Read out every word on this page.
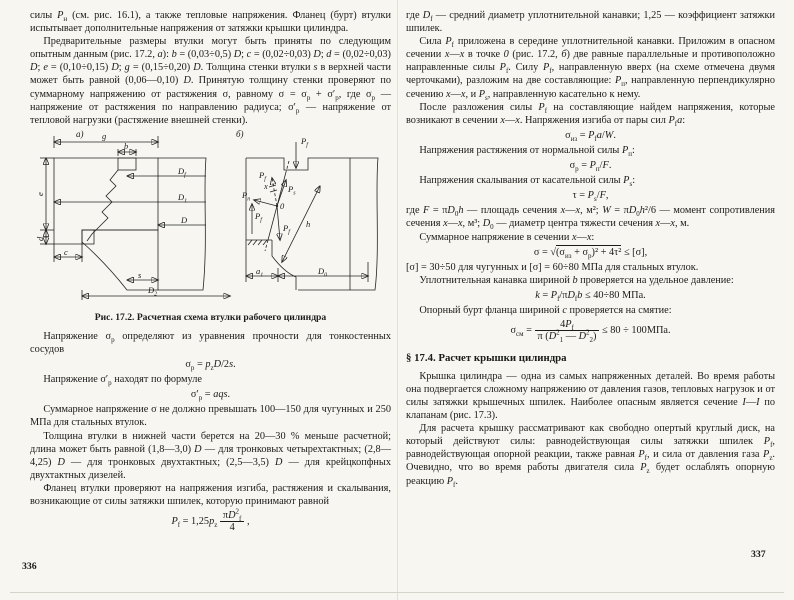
силы $Р_н$ (см. рис. 16.1), а также тепловые напряжения. Фланец (бурт) втулки испытывает дополнительные напряжения от затяжки крышки цилиндра.

Предварительные размеры втулки могут быть приняты по следующим опытным данным (рис. 17.2, а): b = (0,03÷0,5) D; c = (0,02÷0,03) D; d = (0,02÷0,03) D; e = (0,10÷0,15) D; g = (0,15÷0,20) D. Толщина стенки втулки s в верхней части может быть равной (0,06—0,10) D. Принятую толщину стенки проверяют по суммарному напряжению от растяжения σ, равному $\sigma = \sigma_р + \sigma'_р$, где $\sigma_р$ — напряжение от растяжения по направлению радиуса; $\sigma'_р$ — напряжение от тепловой нагрузки (растяжение внешней стенки).

а)	б)
g
b
$D_f$
$D_1$
D
e
d
c
s
$D_2$
$P_f$
$P_f$
x $P_s$
$P_п$
0
h
$P_f$
$P_f$
$a_1$	$D_0$
Рис. 17.2. Расчетная схема втулки рабочего цилиндра

Напряжение $\sigma_р$ определяют из уравнения прочности для тонкостенных сосудов

$\sigma_р = p_zD/2s$.

Напряжение $\sigma'_р$ находят по формуле

$\sigma'_р$ = aqs.

Суммарное напряжение σ не должно превышать 100—150 для чугунных и 250 МПа для стальных втулок.

Толщина втулки в нижней части берется на 20—30 % меньше расчетной; длина может быть равной (1,8—3,0) D — для тронковых четырехтактных; (2,8—4,25) D — для тронковых двухтактных; (2,5—3,5) D — для крейцкопфных двухтактных дизелей.

Фланец втулки проверяют на напряжения изгиба, растяжения и скалывания, возникающие от силы затяжки шпилек, которую принимают равной

$P_f = 1,25p_z \frac{\pi D^2_f}{4}$ ,

где $D_f$ — средний диаметр уплотнительной канавки; 1,25 — коэффициент затяжки шпилек.

Сила $P_f$ приложена в середине уплотнительной канавки. Приложим в опасном сечении х—х в точке 0 (рис. 17.2, б) две равные параллельные и противоположно направленные силы $P_f$. Силу $P_f$, направленную вверх (на схеме отмечена двумя черточками), разложим на две составляющие: $P_п$, направленную перпендикулярно сечению х—х, и $P_s$, направленную касательно к нему.

После разложения силы $P_f$ на составляющие найдем напряжения, которые возникают в сечении х—х. Напряжения изгиба от пары сил $P_fа$:

$\sigma_{из} = P_fа/W$.

Напряжения растяжения от нормальной силы $P_п$:

$\sigma_р = P_п/F$.

Напряжения скалывания от касательной силы $P_s$:

$\tau = P_s/F$,

где $F = \pi D_0h$ — площадь сечения х—х, м²; $W = \pi D_0h^2/6$ — момент сопротивления сечения х—х, м³; $D_0$ — диаметр центра тяжести сечения х—х, м.

Суммарное напряжение в сечении х—х:

$\sigma = √(\sigma_{из} + \sigma_р)^2 + 4\tau^2 \le [\sigma]$,

[σ] = 30÷50 для чугунных и [σ] = 60÷80 МПа для стальных втулок.

Уплотнительная канавка шириной b проверяется на удельное давление:

$k = P_f/\pi D_fb \le 40\div 80$ МПа.

Опорный бурт фланца шириной с проверяется на смятие:

$\sigma_{см} = \frac{4P_f}{\pi (D^2_1 — D^2_2)} \le 80 \div 100МПа$.
§ 17.4. Расчет крышки цилиндра

Крышка цилиндра — одна из самых напряженных деталей. Во время работы она подвергается сложному напряжению от давления газов, тепловых нагрузок и от силы затяжки крышечных шпилек. Наиболее опасным является сечение I—I по клапанам (рис. 17.3).

Для расчета крышку рассматривают как свободно опертый круглый диск, на который действуют силы: равнодействующая силы затяжки шпилек $P_f$, равнодействующая опорной реакции, также равная $P_f$, и сила от давления газа $P_z$. Очевидно, что во время работы двигателя сила $P_z$ будет ослаблять опорную реакцию $P_f$.

336
337
